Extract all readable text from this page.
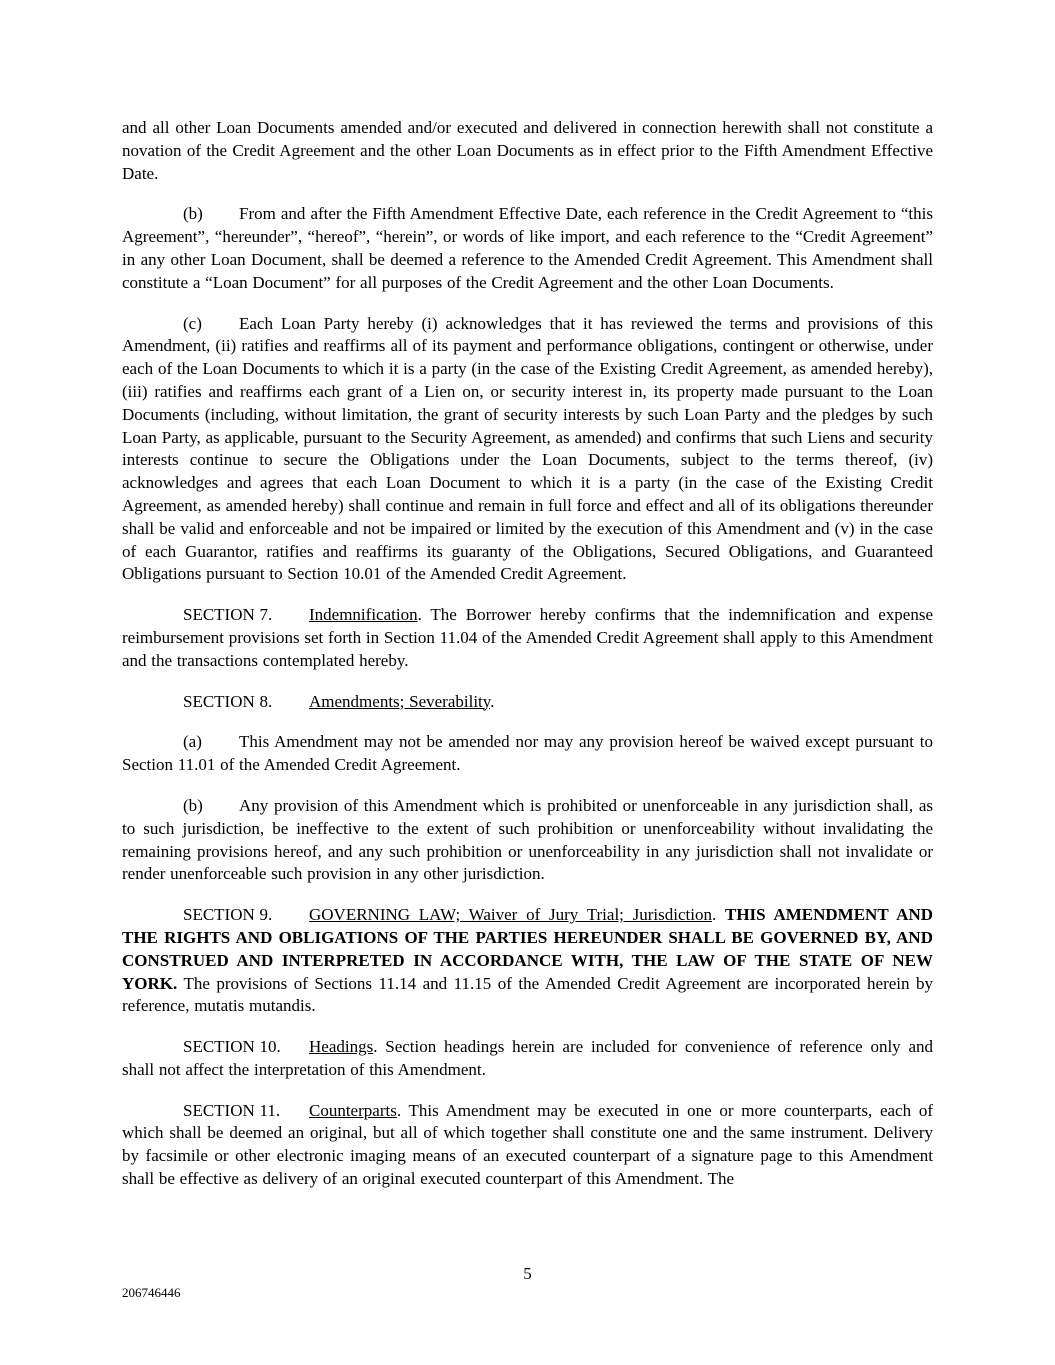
and all other Loan Documents amended and/or executed and delivered in connection herewith shall not constitute a novation of the Credit Agreement and the other Loan Documents as in effect prior to the Fifth Amendment Effective Date.

(b) From and after the Fifth Amendment Effective Date, each reference in the Credit Agreement to “this Agreement”, “hereunder”, “hereof”, “herein”, or words of like import, and each reference to the “Credit Agreement” in any other Loan Document, shall be deemed a reference to the Amended Credit Agreement. This Amendment shall constitute a “Loan Document” for all purposes of the Credit Agreement and the other Loan Documents.

(c) Each Loan Party hereby (i) acknowledges that it has reviewed the terms and provisions of this Amendment, (ii) ratifies and reaffirms all of its payment and performance obligations, contingent or otherwise, under each of the Loan Documents to which it is a party (in the case of the Existing Credit Agreement, as amended hereby), (iii) ratifies and reaffirms each grant of a Lien on, or security interest in, its property made pursuant to the Loan Documents (including, without limitation, the grant of security interests by such Loan Party and the pledges by such Loan Party, as applicable, pursuant to the Security Agreement, as amended) and confirms that such Liens and security interests continue to secure the Obligations under the Loan Documents, subject to the terms thereof, (iv) acknowledges and agrees that each Loan Document to which it is a party (in the case of the Existing Credit Agreement, as amended hereby) shall continue and remain in full force and effect and all of its obligations thereunder shall be valid and enforceable and not be impaired or limited by the execution of this Amendment and (v) in the case of each Guarantor, ratifies and reaffirms its guaranty of the Obligations, Secured Obligations, and Guaranteed Obligations pursuant to Section 10.01 of the Amended Credit Agreement.

SECTION 7. Indemnification. The Borrower hereby confirms that the indemnification and expense reimbursement provisions set forth in Section 11.04 of the Amended Credit Agreement shall apply to this Amendment and the transactions contemplated hereby.

SECTION 8. Amendments; Severability.

(a) This Amendment may not be amended nor may any provision hereof be waived except pursuant to Section 11.01 of the Amended Credit Agreement.

(b) Any provision of this Amendment which is prohibited or unenforceable in any jurisdiction shall, as to such jurisdiction, be ineffective to the extent of such prohibition or unenforceability without invalidating the remaining provisions hereof, and any such prohibition or unenforceability in any jurisdiction shall not invalidate or render unenforceable such provision in any other jurisdiction.

SECTION 9. GOVERNING LAW; Waiver of Jury Trial; Jurisdiction. THIS AMENDMENT AND THE RIGHTS AND OBLIGATIONS OF THE PARTIES HEREUNDER SHALL BE GOVERNED BY, AND CONSTRUED AND INTERPRETED IN ACCORDANCE WITH, THE LAW OF THE STATE OF NEW YORK. The provisions of Sections 11.14 and 11.15 of the Amended Credit Agreement are incorporated herein by reference, mutatis mutandis.

SECTION 10. Headings. Section headings herein are included for convenience of reference only and shall not affect the interpretation of this Amendment.

SECTION 11. Counterparts. This Amendment may be executed in one or more counterparts, each of which shall be deemed an original, but all of which together shall constitute one and the same instrument. Delivery by facsimile or other electronic imaging means of an executed counterpart of a signature page to this Amendment shall be effective as delivery of an original executed counterpart of this Amendment. The

5
206746446
